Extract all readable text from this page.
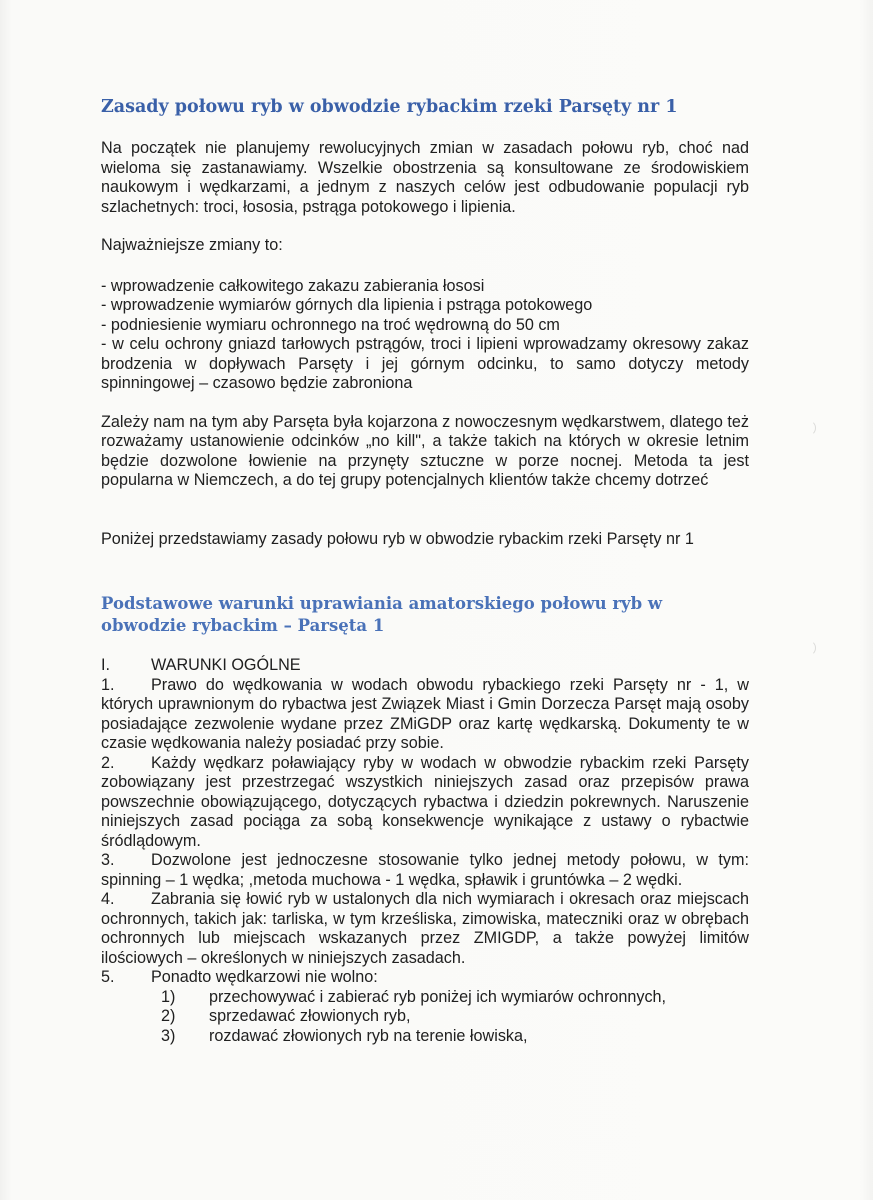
Zasady połowu ryb w obwodzie rybackim rzeki Parsęty nr 1

Na początek nie planujemy rewolucyjnych zmian w zasadach połowu ryb, choć nad wieloma się zastanawiamy. Wszelkie obostrzenia są konsultowane ze środowiskiem naukowym i wędkarzami, a jednym z naszych celów jest odbudowanie populacji ryb szlachetnych: troci, łososia, pstrąga potokowego i lipienia.

Najważniejsze zmiany to:

- wprowadzenie całkowitego zakazu zabierania łososi

- wprowadzenie wymiarów górnych dla lipienia i pstrąga potokowego

- podniesienie wymiaru ochronnego na troć wędrowną do 50 cm

- w celu ochrony gniazd tarłowych pstrągów, troci i lipieni wprowadzamy okresowy zakaz brodzenia w dopływach Parsęty i jej górnym odcinku, to samo dotyczy metody spinningowej – czasowo będzie zabroniona

Zależy nam na tym aby Parsęta była kojarzona z nowoczesnym wędkarstwem, dlatego też rozważamy ustanowienie odcinków „no kill", a także takich na których w okresie letnim będzie dozwolone łowienie na przynęty sztuczne w porze nocnej. Metoda ta jest popularna w Niemczech, a do tej grupy potencjalnych klientów także chcemy dotrzeć

Poniżej przedstawiamy zasady połowu ryb w obwodzie rybackim rzeki Parsęty nr 1

Podstawowe warunki uprawiania amatorskiego połowu ryb w obwodzie rybackim – Parsęta 1
I.	WARUNKI OGÓLNE

1. Prawo do wędkowania w wodach obwodu rybackiego rzeki Parsęty nr - 1, w których uprawnionym do rybactwa jest Związek Miast i Gmin Dorzecza Parsęt mają osoby posiadające zezwolenie wydane przez ZMiGDP oraz kartę wędkarską. Dokumenty te w czasie wędkowania należy posiadać przy sobie.

2. Każdy wędkarz poławiający ryby w wodach w obwodzie rybackim rzeki Parsęty zobowiązany jest przestrzegać wszystkich niniejszych zasad oraz przepisów prawa powszechnie obowiązującego, dotyczących rybactwa i dziedzin pokrewnych. Naruszenie niniejszych zasad pociąga za sobą konsekwencje wynikające z ustawy o rybactwie śródlądowym.

3. Dozwolone jest jednoczesne stosowanie tylko jednej metody połowu, w tym: spinning – 1 wędka; ,metoda muchowa - 1 wędka, spławik i gruntówka – 2 wędki.

4. Zabrania się łowić ryb w ustalonych dla nich wymiarach i okresach oraz miejscach ochronnych, takich jak: tarliska, w tym krześliska, zimowiska, mateczniki oraz w obrębach ochronnych lub miejscach wskazanych przez ZMIGDP, a także powyżej limitów ilościowych – określonych w niniejszych zasadach.

5. Ponadto wędkarzowi nie wolno:

1)	przechowywać i zabierać ryb poniżej ich wymiarów ochronnych,
2)	sprzedawać złowionych ryb,
3)	rozdawać złowionych ryb na terenie łowiska,
